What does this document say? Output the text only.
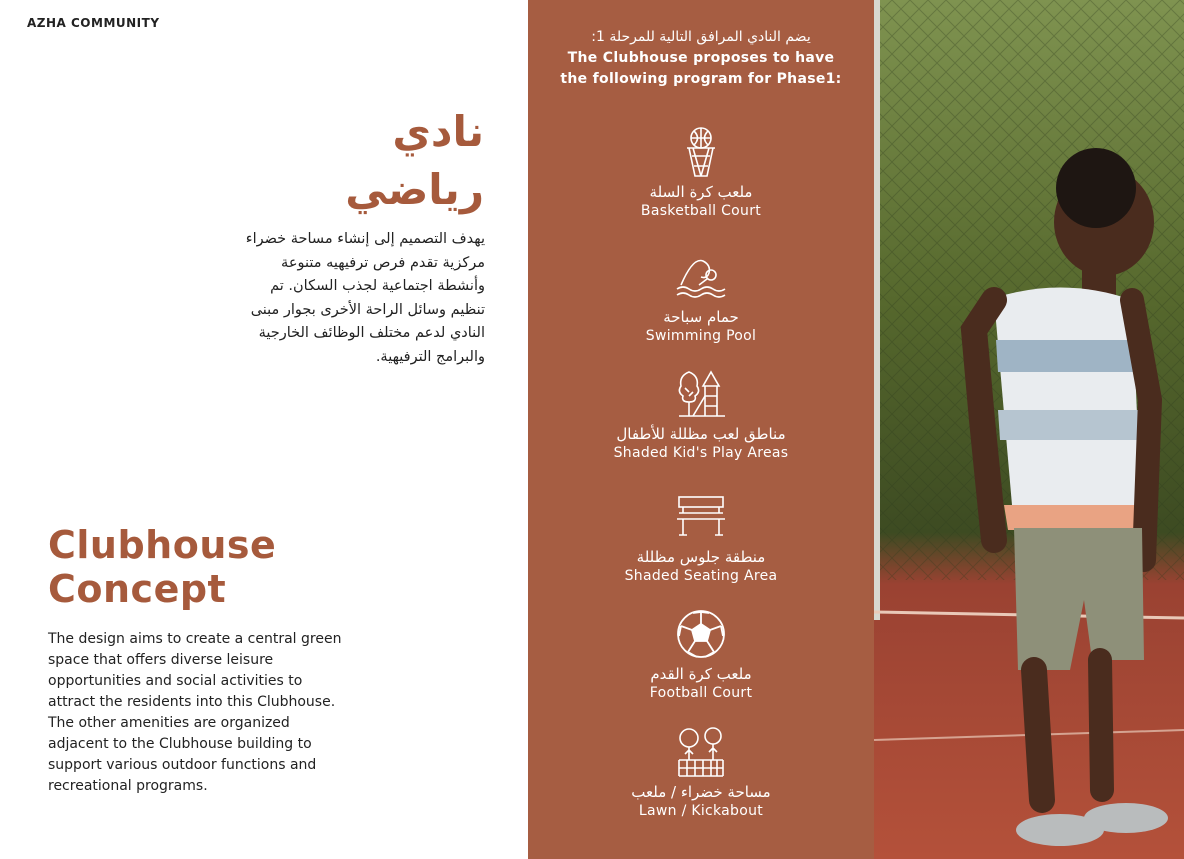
AZHA COMMUNITY
نادي
رياضي

يهدف التصميم إلى إنشاء مساحة خضراء مركزية تقدم فرص ترفيهيه متنوعة وأنشطة اجتماعية لجذب السكان. تم تنظيم وسائل الراحة الأخرى بجوار مبنى النادي لدعم مختلف الوظائف الخارجية والبرامج الترفيهية.

Clubhouse
Concept

The design aims to create a central green space that offers diverse leisure opportunities and social activities to attract the residents into this Clubhouse. The other amenities are organized adjacent to the Clubhouse building to support various outdoor functions and recreational programs.

يضم النادي المرافق التالية للمرحلة 1:
The Clubhouse proposes to have the following program for Phase1:
ملعب كرة السلة
Basketball Court
حمام سباحة
Swimming Pool
مناطق لعب مظللة للأطفال
Shaded Kid's Play Areas
منطقة جلوس مظللة
Shaded Seating Area
ملعب كرة القدم
Football Court
مساحة خضراء / ملعب
Lawn / Kickabout
